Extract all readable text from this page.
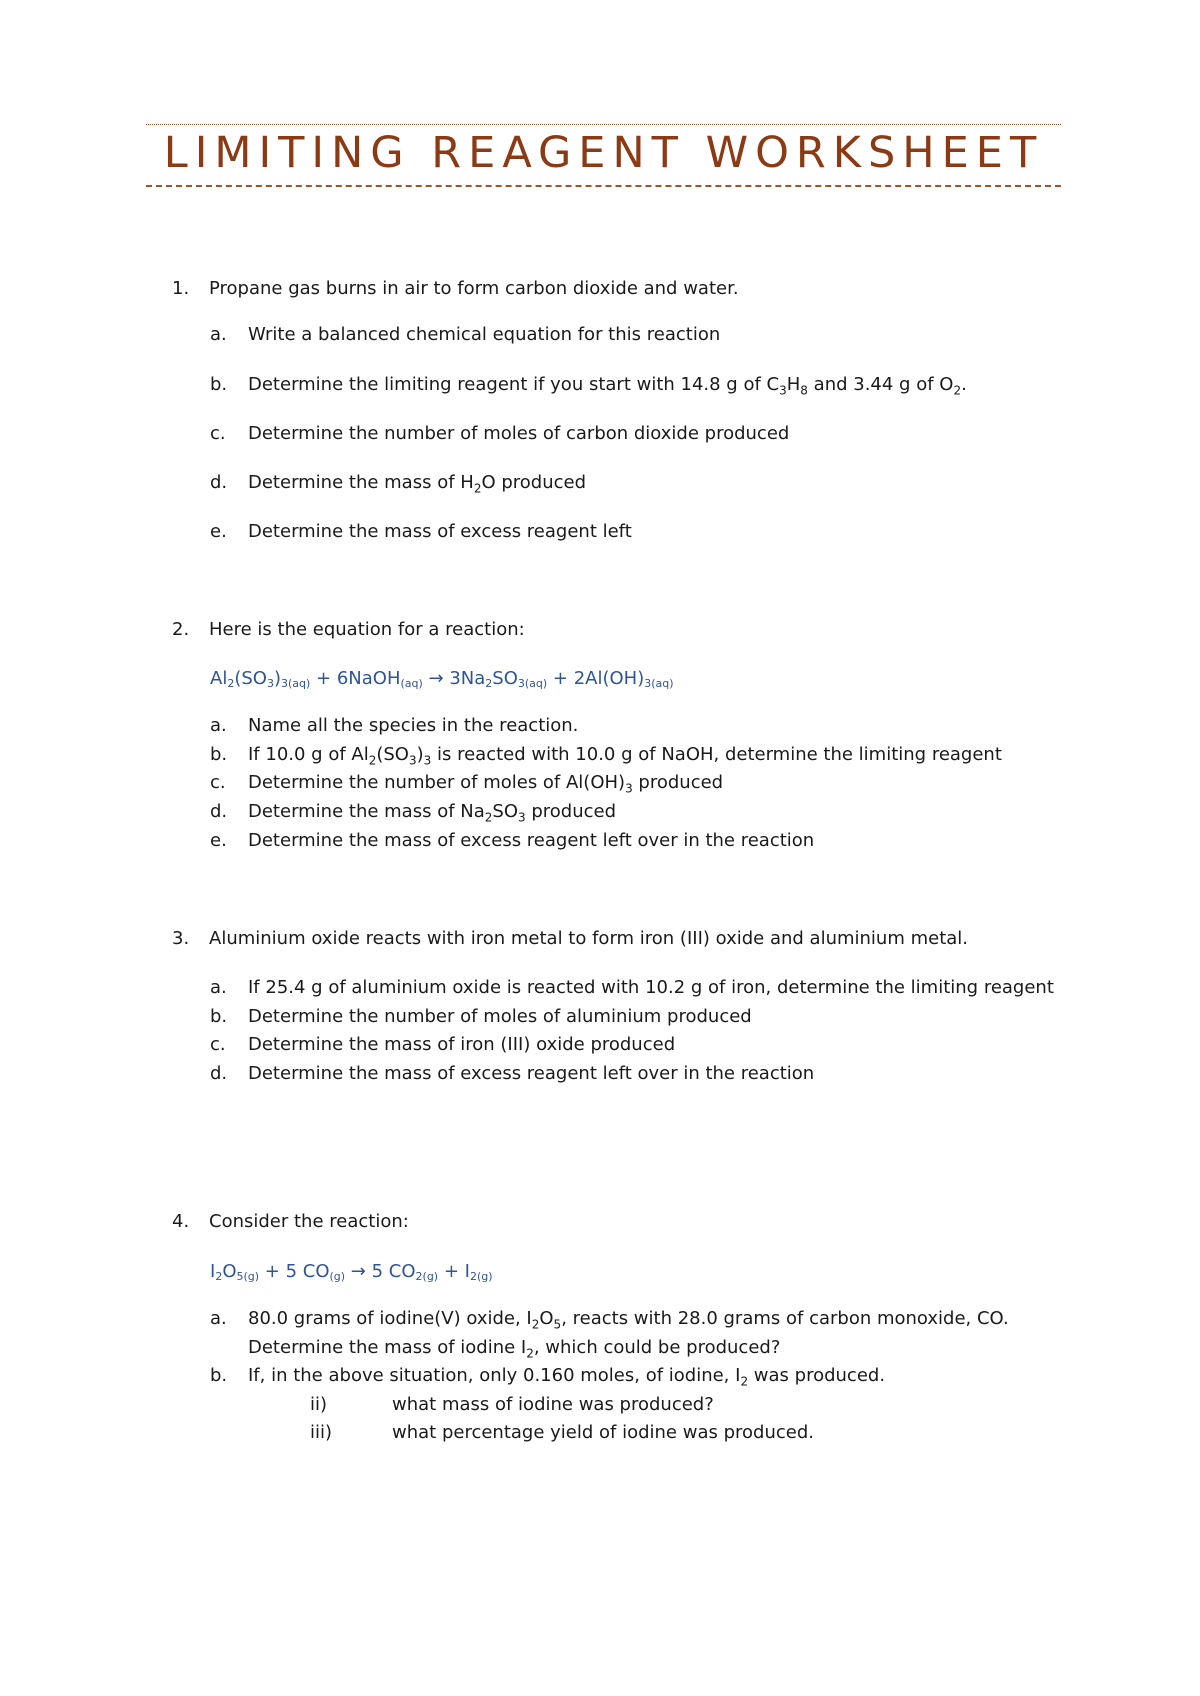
LIMITING REAGENT WORKSHEET
1. Propane gas burns in air to form carbon dioxide and water.
a. Write a balanced chemical equation for this reaction
b. Determine the limiting reagent if you start with 14.8 g of $C_3H_8$ and 3.44 g of $O_2$.
c. Determine the number of moles of carbon dioxide produced
d. Determine the mass of $H_2O$ produced
e. Determine the mass of excess reagent left
2. Here is the equation for a reaction:
$Al_2(SO_3)_{3(aq)}$ + 6NaOH$_{(aq)}$ → $3Na_2SO_{3(aq)} + 2Al(OH)_{3(aq)}$
a. Name all the species in the reaction.
b. If 10.0 g of $Al_2(SO_3)_3$ is reacted with 10.0 g of NaOH, determine the limiting reagent
c. Determine the number of moles of $Al(OH)_3$ produced
d. Determine the mass of $Na_2SO_3$ produced
e. Determine the mass of excess reagent left over in the reaction
3. Aluminium oxide reacts with iron metal to form iron (III) oxide and aluminium metal.
a. If 25.4 g of aluminium oxide is reacted with 10.2 g of iron, determine the limiting reagent
b. Determine the number of moles of aluminium produced
c. Determine the mass of iron (III) oxide produced
d. Determine the mass of excess reagent left over in the reaction
4. Consider the reaction:
$I_2O_{5(g)} + 5$ $CO_{(g)} \to 5$ $CO_{2(g)} + I_{2(g)}$
a. 80.0 grams of iodine(V) oxide, $I_2O_5$, reacts with 28.0 grams of carbon monoxide, CO.
Determine the mass of iodine $I_2$, which could be produced?
b. If, in the above situation, only 0.160 moles, of iodine, $I_2$ was produced.
ii)	what mass of iodine was produced?
iii)	what percentage yield of iodine was produced.
